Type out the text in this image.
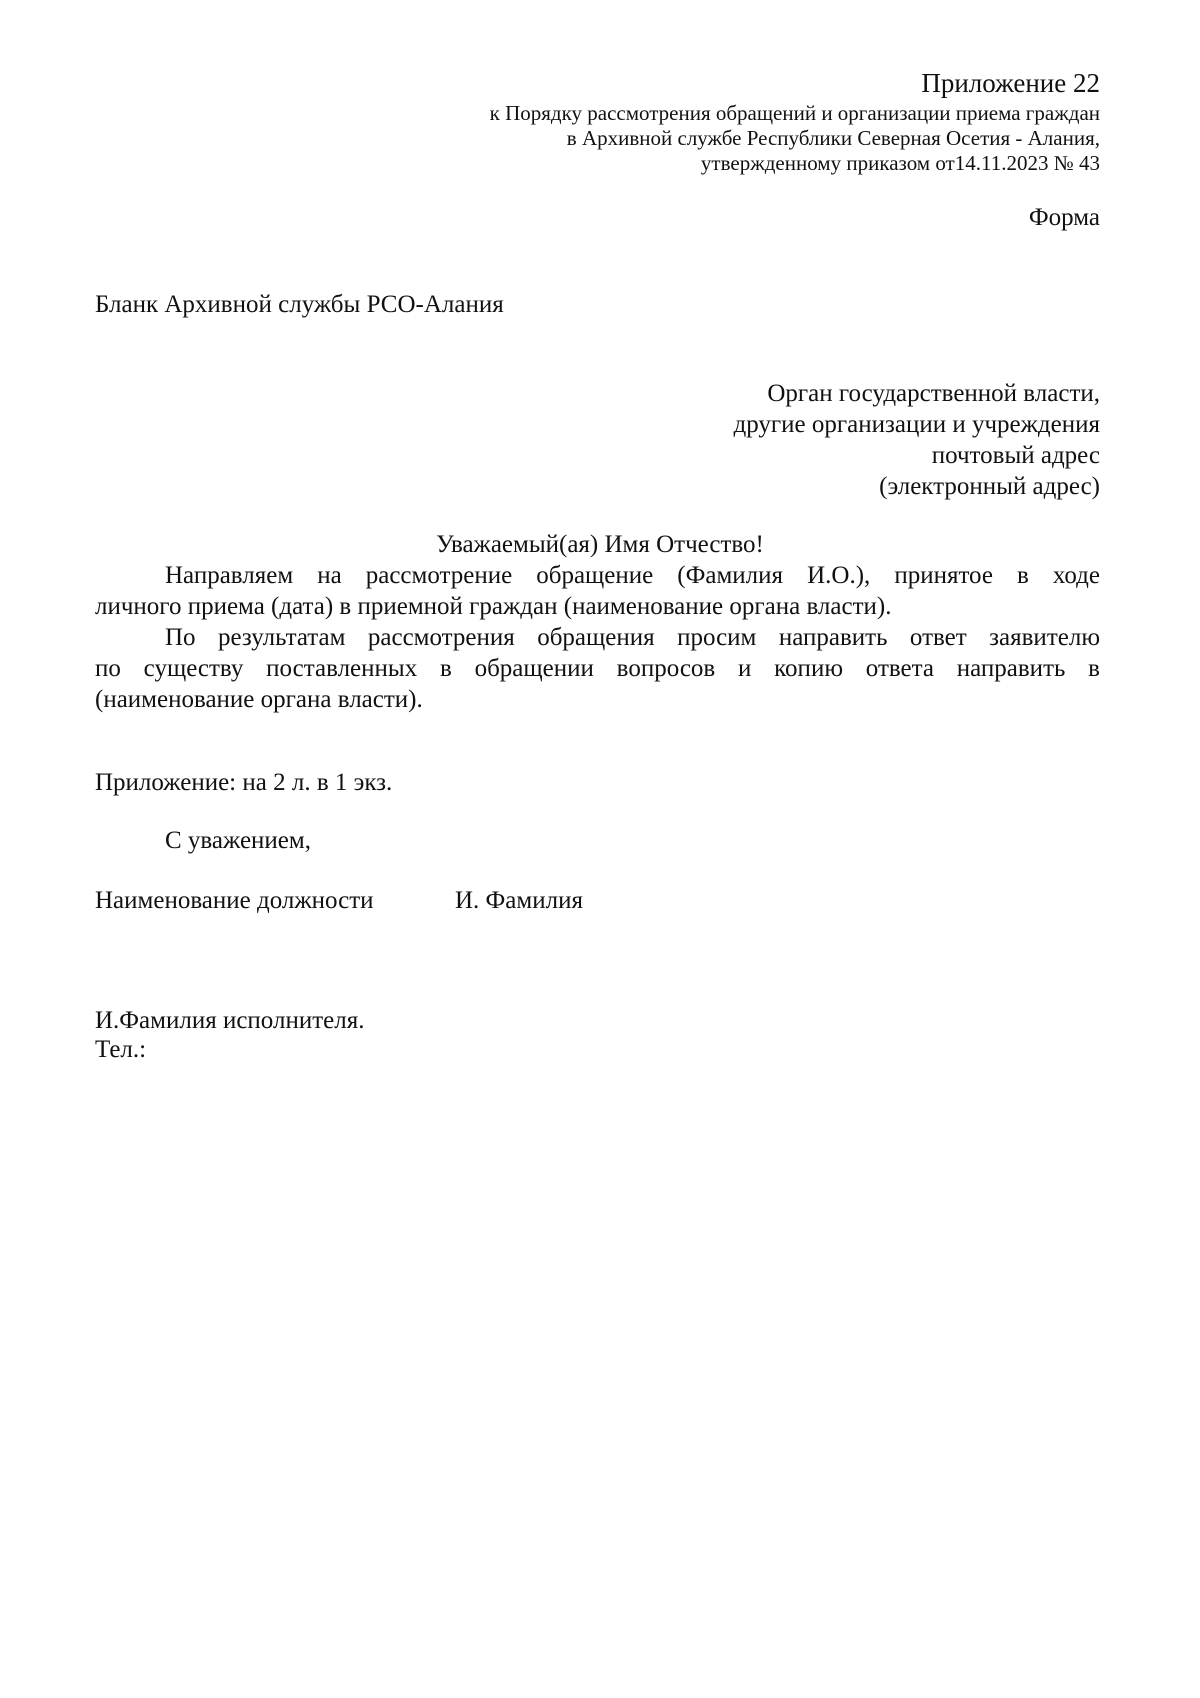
Приложение 22
к Порядку рассмотрения обращений и организации приема граждан
в Архивной службе Республики Северная Осетия - Алания,
утвержденному приказом от14.11.2023 № 43
Форма
Бланк Архивной службы РСО-Алания
Орган государственной власти,
другие организации и учреждения
почтовый адрес
(электронный адрес)
Уважаемый(ая) Имя Отчество!
Направляем на рассмотрение обращение (Фамилия И.О.), принятое в ходе
личного приема (дата) в приемной граждан (наименование органа власти).
По результатам рассмотрения обращения просим направить ответ заявителю
по существу поставленных в обращении вопросов и копию ответа направить в
(наименование органа власти).
Приложение: на 2 л. в 1 экз.
С уважением,
Наименование должности	И. Фамилия
И.Фамилия исполнителя.
Тел.:
